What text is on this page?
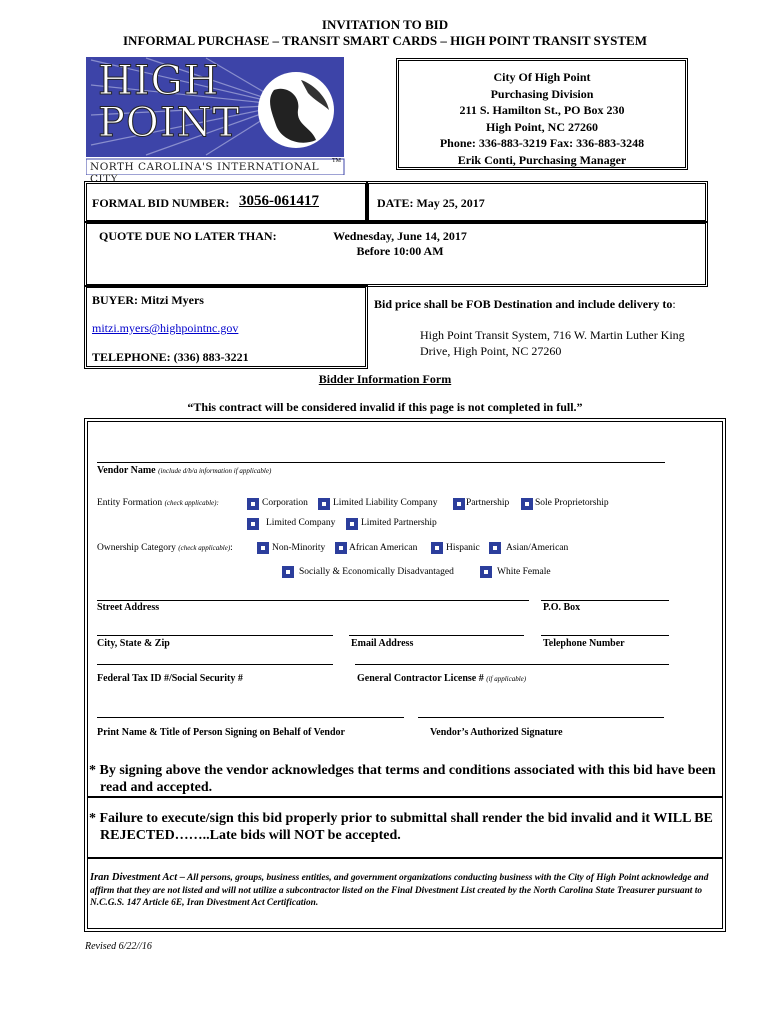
INVITATION TO BID
INFORMAL PURCHASE – TRANSIT SMART CARDS – HIGH POINT TRANSIT SYSTEM
HIGH
POINT
NORTH CAROLINA'S INTERNATIONAL CITY
TM
City Of High Point
Purchasing Division
211 S. Hamilton St., PO Box 230
High Point, NC 27260
Phone: 336-883-3219 Fax: 336-883-3248
Erik Conti, Purchasing Manager
FORMAL BID NUMBER: 3056-061417	DATE: May 25, 2017
QUOTE DUE NO LATER THAN:	Wednesday, June 14, 2017
Before 10:00 AM
BUYER: Mitzi Myers
mitzi.myers@highpointnc.gov
TELEPHONE: (336) 883-3221
Bid price shall be FOB Destination and include delivery to:
High Point Transit System, 716 W. Martin Luther King
Drive, High Point, NC 27260
Bidder Information Form
“This contract will be considered invalid if this page is not completed in full.”
Vendor Name (include d/b/a information if applicable)
Entity Formation (check applicable):	Corporation	Limited Liability Company	Partnership	Sole Proprietorship
Limited Company	Limited Partnership
Ownership Category (check applicable):	Non-Minority African American	Hispanic	Asian/American
Socially & Economically Disadvantaged	White Female
Street Address	P.O. Box
City, State & Zip	Email Address	Telephone Number
Federal Tax ID #/Social Security #	General Contractor License # (if applicable)
Print Name & Title of Person Signing on Behalf of Vendor	Vendor’s Authorized Signature
* By signing above the vendor acknowledges that terms and conditions associated with this bid have been
read and accepted.
* Failure to execute/sign this bid properly prior to submittal shall render the bid invalid and it WILL BE
REJECTED……..Late bids will NOT be accepted.
Iran Divestment Act – All persons, groups, business entities, and government organizations conducting business with the City of High Point acknowledge and affirm that they are not listed and will not utilize a subcontractor listed on the Final Divestment List created by the North Carolina State Treasurer pursuant to N.C.G.S. 147 Article 6E, Iran Divestment Act Certification.
Revised 6/22//16
